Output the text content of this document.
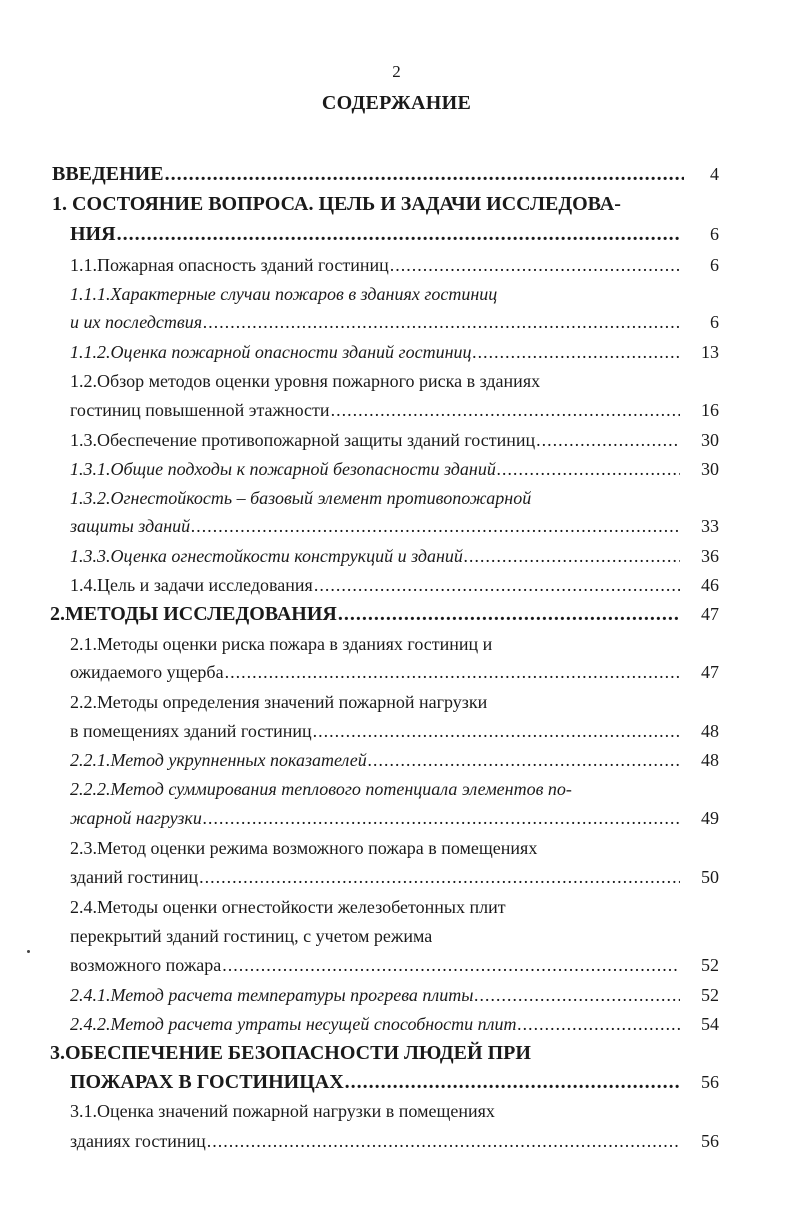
2
СОДЕРЖАНИЕ
ВВЕДЕНИЕ .....	4
1. СОСТОЯНИЕ ВОПРОСА. ЦЕЛЬ И ЗАДАЧИ ИССЛЕДОВА-
НИЯ .....	6
1.1.Пожарная опасность зданий гостиниц .....	6
1.1.1.Характерные случаи пожаров в зданиях гостиниц
и их последствия .....	6
1.1.2.Оценка пожарной опасности зданий гостиниц .....	13
1.2.Обзор методов оценки уровня пожарного риска в зданиях
гостиниц повышенной этажности .....	16
1.3.Обеспечение противопожарной защиты зданий гостиниц .....	30
1.3.1.Общие подходы к пожарной безопасности зданий .....	30
1.3.2.Огнестойкость – базовый элемент противопожарной
защиты зданий .....	33
1.3.3.Оценка огнестойкости конструкций и зданий .....	36
1.4.Цель и задачи исследования .....	46
2.МЕТОДЫ ИССЛЕДОВАНИЯ .....	47
2.1.Методы оценки риска пожара в зданиях гостиниц и
ожидаемого ущерба .....	47
2.2.Методы определения значений пожарной нагрузки
в помещениях зданий гостиниц .....	48
2.2.1.Метод укрупненных показателей .....	48
2.2.2.Метод суммирования теплового потенциала элементов по-
жарной нагрузки .....	49
2.3.Метод оценки режима возможного пожара в помещениях
зданий гостиниц .....	50
2.4.Методы оценки огнестойкости железобетонных плит
перекрытий зданий гостиниц, с учетом режима
возможного пожара .....	52
2.4.1.Метод расчета температуры прогрева плиты .....	52
2.4.2.Метод расчета утраты несущей способности плит .....	54
3.ОБЕСПЕЧЕНИЕ БЕЗОПАСНОСТИ ЛЮДЕЙ ПРИ
ПОЖАРАХ В ГОСТИНИЦАХ .....	56
3.1.Оценка значений пожарной нагрузки в помещениях
зданиях гостиниц .....	56
